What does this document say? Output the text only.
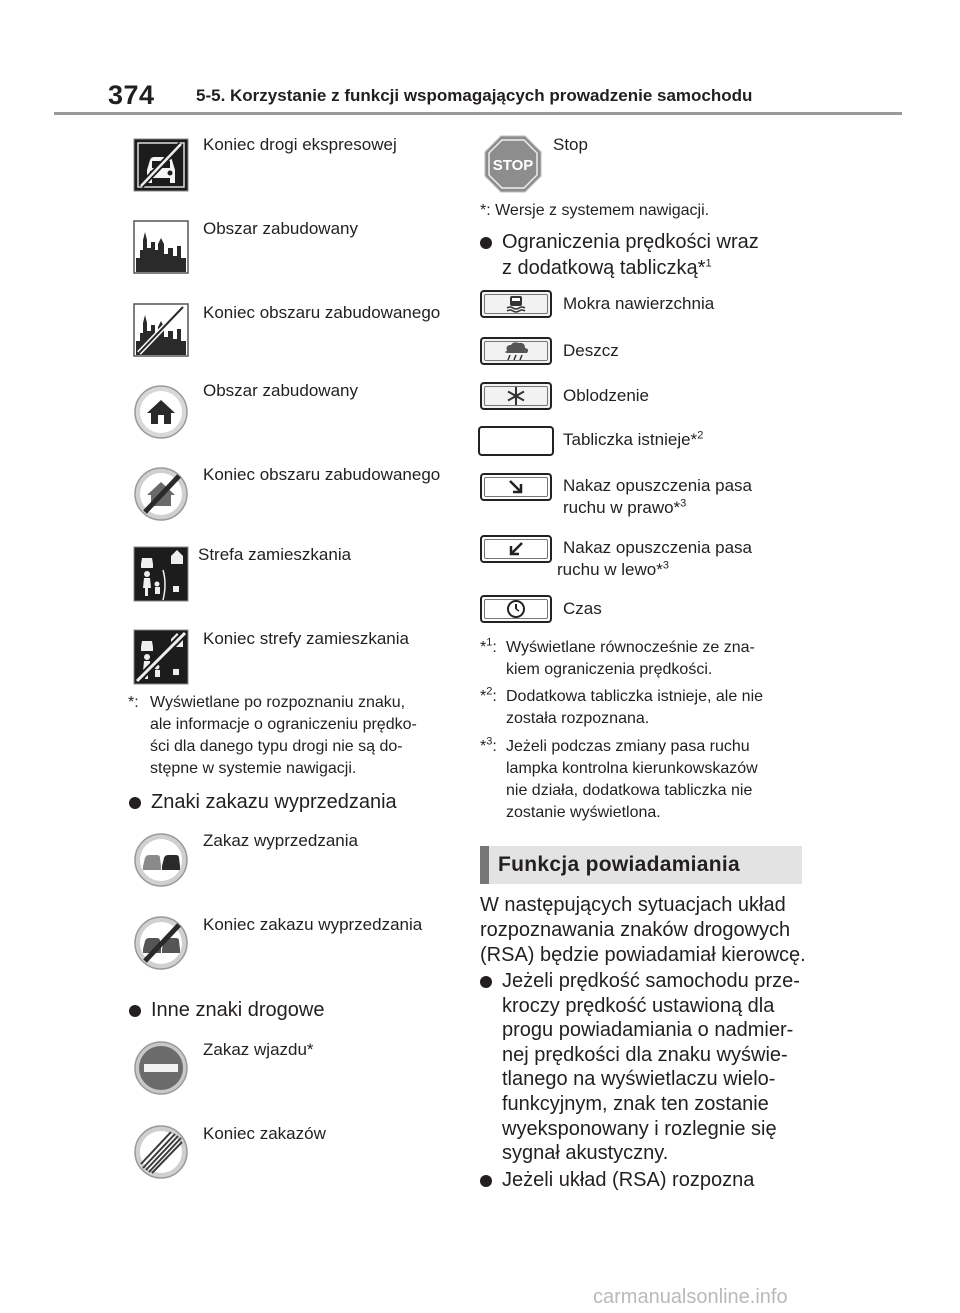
374 5-5. Korzystanie z funkcji wspomagających prowadzenie samochodu
Koniec drogi ekspresowej
Obszar zabudowany
Koniec obszaru zabudowanego
Obszar zabudowany
Koniec obszaru zabudowanego
Strefa zamieszkania
Koniec strefy zamieszkania
*: Wyświetlane po rozpoznaniu znaku,
ale informacje o ograniczeniu prędko-
ści dla danego typu drogi nie są do-
stępne w systemie nawigacji.
Znaki zakazu wyprzedzania
Zakaz wyprzedzania
Koniec zakazu wyprzedzania
Inne znaki drogowe
Zakaz wjazdu*
Koniec zakazów
STOP
Stop
*: Wersje z systemem nawigacji.
Ograniczenia prędkości wraz
z dodatkową tabliczką*$^1$
Mokra nawierzchnia
Deszcz
Oblodzenie
Tabliczka istnieje*$^2$
Nakaz opuszczenia pasa
ruchu w prawo*$^3$
Nakaz opuszczenia pasa
ruchu w lewo*$^3$
Czas
*$^1$: Wyświetlane równocześnie ze zna-
kiem ograniczenia prędkości.
*$^2$: Dodatkowa tabliczka istnieje, ale nie
została rozpoznana.
*$^3$: Jeżeli podczas zmiany pasa ruchu
lampka kontrolna kierunkowskazów
nie działa, dodatkowa tabliczka nie
zostanie wyświetlona.
Funkcja powiadamiania
W następujących sytuacjach układ
rozpoznawania znaków drogowych
(RSA) będzie powiadamiał kierowcę.
Jeżeli prędkość samochodu prze-
kroczy prędkość ustawioną dla
progu powiadamiania o nadmier-
nej prędkości dla znaku wyświe-
tlanego na wyświetlaczu wielo-
funkcyjnym, znak ten zostanie
wyeksponowany i rozlegnie się
sygnał akustyczny.
Jeżeli układ (RSA) rozpozna
carmanualsonline.info
